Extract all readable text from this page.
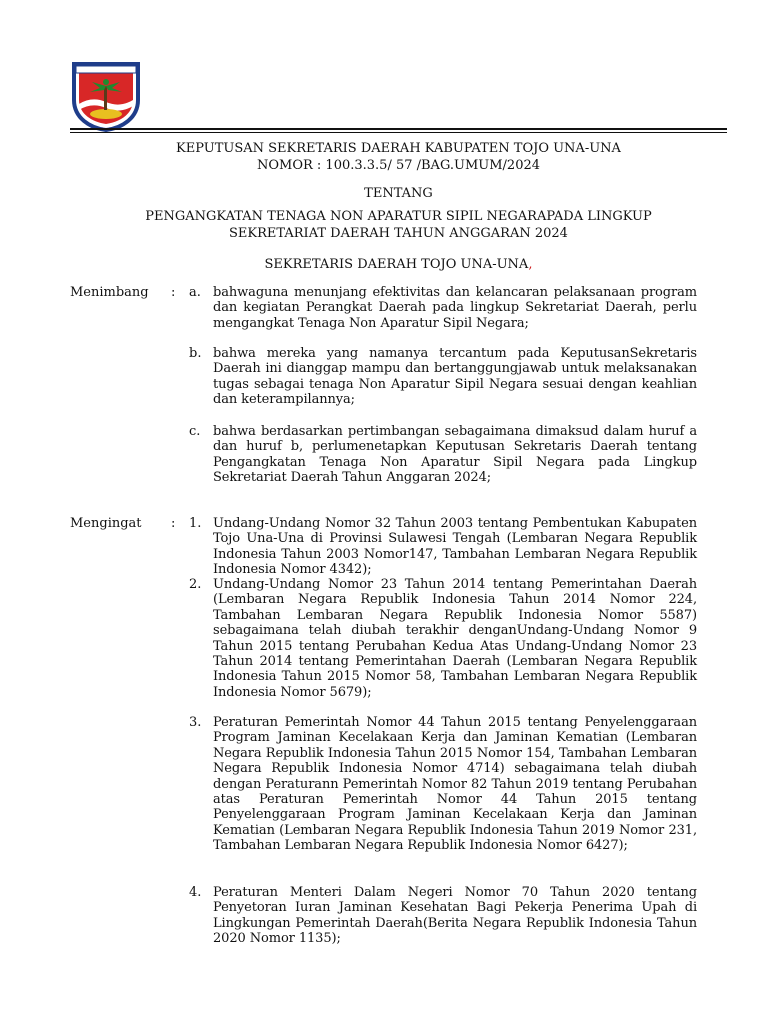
KEPUTUSAN SEKRETARIS DAERAH KABUPATEN TOJO UNA-UNA
NOMOR : 100.3.3.5/ 57 /BAG.UMUM/2024
TENTANG
PENGANGKATAN TENAGA NON APARATUR SIPIL NEGARAPADA LINGKUP
SEKRETARIAT DAERAH TAHUN ANGGARAN 2024
SEKRETARIS DAERAH TOJO UNA-UNA,
Menimbang : a. bahwaguna menunjang efektivitas dan kelancaran pelaksanaan program dan kegiatan Perangkat Daerah pada lingkup Sekretariat Daerah, perlu mengangkat Tenaga Non Aparatur Sipil Negara;
b. bahwa mereka yang namanya tercantum pada KeputusanSekretaris Daerah ini dianggap mampu dan bertanggungjawab untuk melaksanakan tugas sebagai tenaga Non Aparatur Sipil Negara sesuai dengan keahlian dan keterampilannya;
c. bahwa berdasarkan pertimbangan sebagaimana dimaksud dalam huruf a dan huruf b, perlumenetapkan Keputusan Sekretaris Daerah tentang Pengangkatan Tenaga Non Aparatur Sipil Negara pada Lingkup Sekretariat Daerah Tahun Anggaran 2024;
Mengingat : 1. Undang-Undang Nomor 32 Tahun 2003 tentang Pembentukan Kabupaten Tojo Una-Una di Provinsi Sulawesi Tengah (Lembaran Negara Republik Indonesia Tahun 2003 Nomor147, Tambahan Lembaran Negara Republik Indonesia Nomor 4342);
2. Undang-Undang Nomor 23 Tahun 2014 tentang Pemerintahan Daerah (Lembaran Negara Republik Indonesia Tahun 2014 Nomor 224, Tambahan Lembaran Negara Republik Indonesia Nomor 5587) sebagaimana telah diubah terakhir denganUndang-Undang Nomor 9 Tahun 2015 tentang Perubahan Kedua Atas Undang-Undang Nomor 23 Tahun 2014 tentang Pemerintahan Daerah (Lembaran Negara Republik Indonesia Tahun 2015 Nomor 58, Tambahan Lembaran Negara Republik Indonesia Nomor 5679);
3. Peraturan Pemerintah Nomor 44 Tahun 2015 tentang Penyelenggaraan Program Jaminan Kecelakaan Kerja dan Jaminan Kematian (Lembaran Negara Republik Indonesia Tahun 2015 Nomor 154, Tambahan Lembaran Negara Republik Indonesia Nomor 4714) sebagaimana telah diubah dengan Peraturann Pemerintah Nomor 82 Tahun 2019 tentang Perubahan atas Peraturan Pemerintah Nomor 44 Tahun 2015 tentang Penyelenggaraan Program Jaminan Kecelakaan Kerja dan Jaminan Kematian (Lembaran Negara Republik Indonesia Tahun 2019 Nomor 231, Tambahan Lembaran Negara Republik Indonesia Nomor 6427);
4. Peraturan Menteri Dalam Negeri Nomor 70 Tahun 2020 tentang Penyetoran Iuran Jaminan Kesehatan Bagi Pekerja Penerima Upah di Lingkungan Pemerintah Daerah(Berita Negara Republik Indonesia Tahun 2020 Nomor 1135);
